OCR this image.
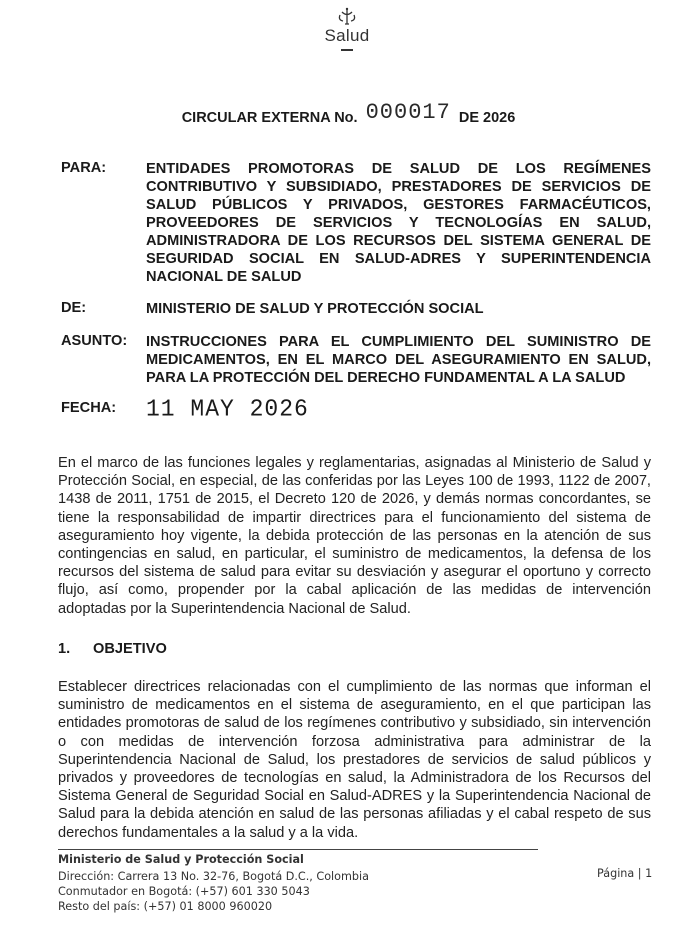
Salud
CIRCULAR EXTERNA No. 000017 DE 2026
PARA:	ENTIDADES PROMOTORAS DE SALUD DE LOS REGÍMENES CONTRIBUTIVO Y SUBSIDIADO, PRESTADORES DE SERVICIOS DE SALUD PÚBLICOS Y PRIVADOS, GESTORES FARMACÉUTICOS, PROVEEDORES DE SERVICIOS Y TECNOLOGÍAS EN SALUD, ADMINISTRADORA DE LOS RECURSOS DEL SISTEMA GENERAL DE SEGURIDAD SOCIAL EN SALUD-ADRES Y SUPERINTENDENCIA NACIONAL DE SALUD
DE:	MINISTERIO DE SALUD Y PROTECCIÓN SOCIAL
ASUNTO: INSTRUCCIONES PARA EL CUMPLIMIENTO DEL SUMINISTRO DE MEDICAMENTOS, EN EL MARCO DEL ASEGURAMIENTO EN SALUD, PARA LA PROTECCIÓN DEL DERECHO FUNDAMENTAL A LA SALUD
FECHA: 11 MAY 2026
En el marco de las funciones legales y reglamentarias, asignadas al Ministerio de Salud y Protección Social, en especial, de las conferidas por las Leyes 100 de 1993, 1122 de 2007, 1438 de 2011, 1751 de 2015, el Decreto 120 de 2026, y demás normas concordantes, se tiene la responsabilidad de impartir directrices para el funcionamiento del sistema de aseguramiento hoy vigente, la debida protección de las personas en la atención de sus contingencias en salud, en particular, el suministro de medicamentos, la defensa de los recursos del sistema de salud para evitar su desviación y asegurar el oportuno y correcto flujo, así como, propender por la cabal aplicación de las medidas de intervención adoptadas por la Superintendencia Nacional de Salud.
1. OBJETIVO
Establecer directrices relacionadas con el cumplimiento de las normas que informan el suministro de medicamentos en el sistema de aseguramiento, en el que participan las entidades promotoras de salud de los regímenes contributivo y subsidiado, sin intervención o con medidas de intervención forzosa administrativa para administrar de la Superintendencia Nacional de Salud, los prestadores de servicios de salud públicos y privados y proveedores de tecnologías en salud, la Administradora de los Recursos del Sistema General de Seguridad Social en Salud-ADRES y la Superintendencia Nacional de Salud para la debida atención en salud de las personas afiliadas y el cabal respeto de sus derechos fundamentales a la salud y a la vida.
Ministerio de Salud y Protección Social
Dirección: Carrera 13 No. 32-76, Bogotá D.C., Colombia
Conmutador en Bogotá: (+57) 601 330 5043
Resto del país: (+57) 01 8000 960020
Página | 1
